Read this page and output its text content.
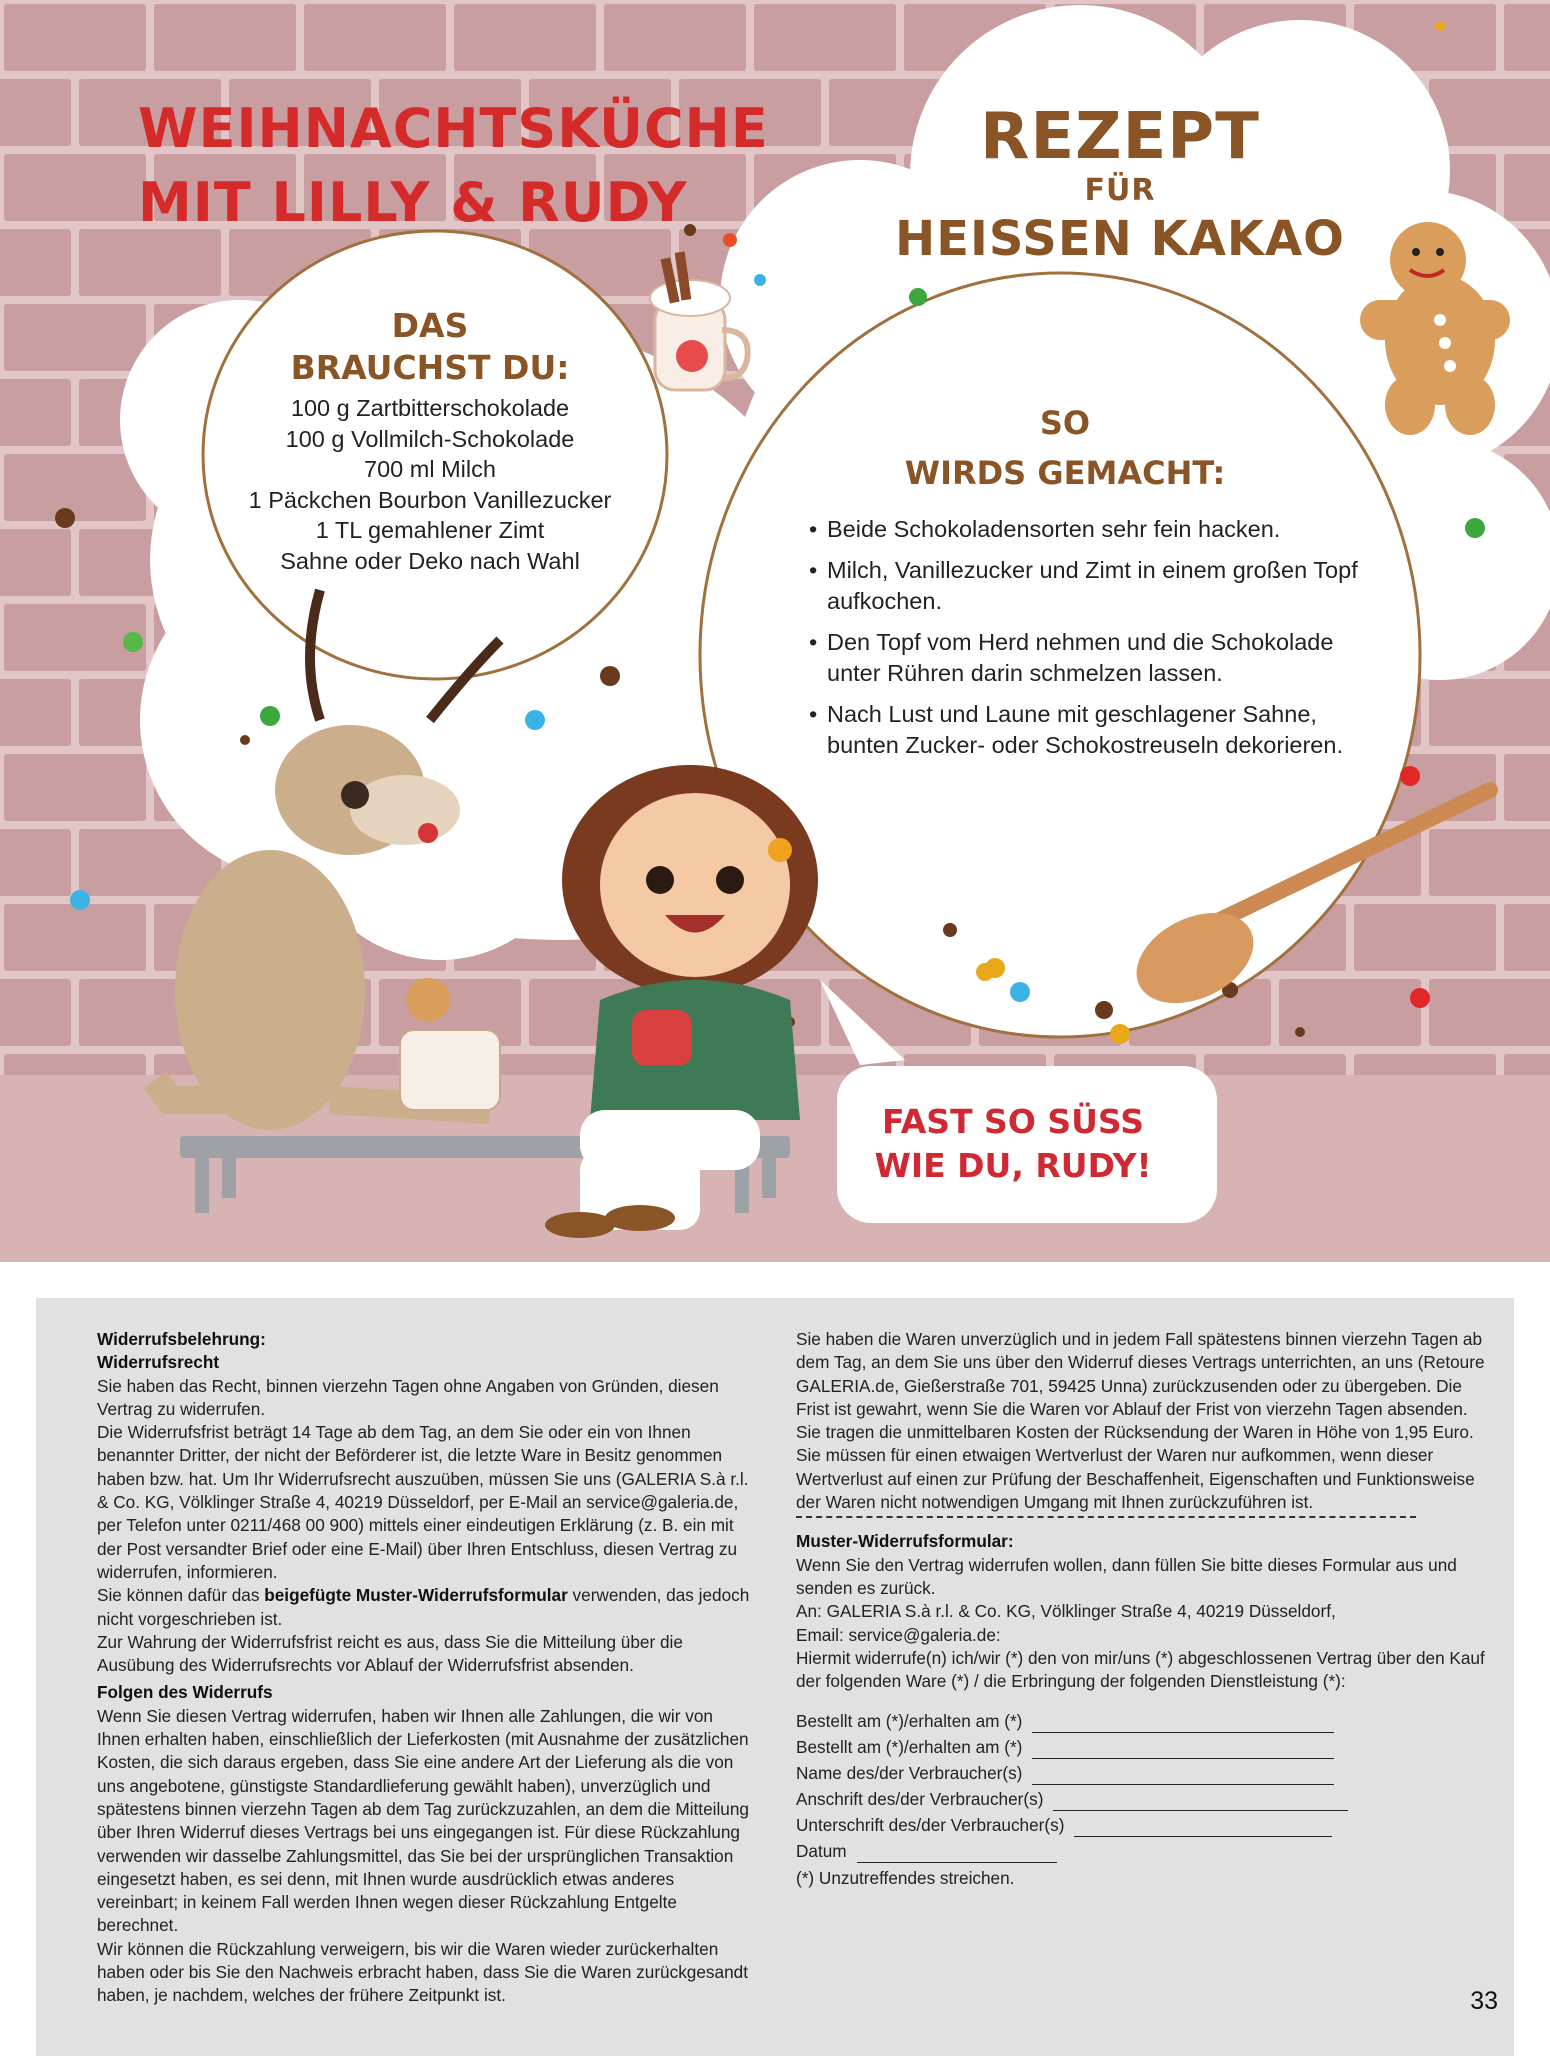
WEIHNACHTSKÜCHE
MIT LILLY & RUDY
REZEPT
FÜR
HEISSEN KAKAO
DAS
BRAUCHST DU:
100 g Zartbitterschokolade
100 g Vollmilch-Schokolade
700 ml Milch
1 Päckchen Bourbon Vanillezucker
1 TL gemahlener Zimt
Sahne oder Deko nach Wahl
SO
WIRDS GEMACHT:
• Beide Schokoladensorten sehr fein hacken.
• Milch, Vanillezucker und Zimt in einem großen Topf aufkochen.
• Den Topf vom Herd nehmen und die Schokolade unter Rühren darin schmelzen lassen.
• Nach Lust und Laune mit geschlagener Sahne, bunten Zucker- oder Schokostreuseln dekorieren.
FAST SO SÜSS
WIE DU, RUDY!

Widerrufsbelehrung:

Widerrufsrecht

Sie haben das Recht, binnen vierzehn Tagen ohne Angaben von Gründen, diesen Vertrag zu widerrufen.

Die Widerrufsfrist beträgt 14 Tage ab dem Tag, an dem Sie oder ein von Ihnen benannter Dritter, der nicht der Beförderer ist, die letzte Ware in Besitz genommen haben bzw. hat. Um Ihr Widerrufsrecht auszuüben, müssen Sie uns (GALERIA S.à r.l. & Co. KG, Völklinger Straße 4, 40219 Düsseldorf, per E-Mail an service@galeria.de, per Telefon unter 0211/468 00 900) mittels einer eindeutigen Erklärung (z. B. ein mit der Post versandter Brief oder eine E-Mail) über Ihren Entschluss, diesen Vertrag zu widerrufen, informieren.

Sie können dafür das beigefügte Muster-Widerrufsformular verwenden, das jedoch nicht vorgeschrieben ist.

Zur Wahrung der Widerrufsfrist reicht es aus, dass Sie die Mitteilung über die Ausübung des Widerrufsrechts vor Ablauf der Widerrufsfrist absenden.

Folgen des Widerrufs

Wenn Sie diesen Vertrag widerrufen, haben wir Ihnen alle Zahlungen, die wir von Ihnen erhalten haben, einschließlich der Lieferkosten (mit Ausnahme der zusätzlichen Kosten, die sich daraus ergeben, dass Sie eine andere Art der Lieferung als die von uns angebotene, günstigste Standardlieferung gewählt haben), unverzüglich und spätestens binnen vierzehn Tagen ab dem Tag zurückzuzahlen, an dem die Mitteilung über Ihren Widerruf dieses Vertrags bei uns eingegangen ist. Für diese Rückzahlung verwenden wir dasselbe Zahlungsmittel, das Sie bei der ursprünglichen Transaktion eingesetzt haben, es sei denn, mit Ihnen wurde ausdrücklich etwas anderes vereinbart; in keinem Fall werden Ihnen wegen dieser Rückzahlung Entgelte berechnet.

Wir können die Rückzahlung verweigern, bis wir die Waren wieder zurückerhalten haben oder bis Sie den Nachweis erbracht haben, dass Sie die Waren zurückgesandt haben, je nachdem, welches der frühere Zeitpunkt ist.

Sie haben die Waren unverzüglich und in jedem Fall spätestens binnen vierzehn Tagen ab dem Tag, an dem Sie uns über den Widerruf dieses Vertrags unterrichten, an uns (Retoure GALERIA.de, Gießerstraße 701, 59425 Unna) zurückzusenden oder zu übergeben. Die Frist ist gewahrt, wenn Sie die Waren vor Ablauf der Frist von vierzehn Tagen absenden.

Sie tragen die unmittelbaren Kosten der Rücksendung der Waren in Höhe von 1,95 Euro.

Sie müssen für einen etwaigen Wertverlust der Waren nur aufkommen, wenn dieser Wertverlust auf einen zur Prüfung der Beschaffenheit, Eigenschaften und Funktionsweise der Waren nicht notwendigen Umgang mit Ihnen zurückzuführen ist.

Muster-Widerrufsformular:

Wenn Sie den Vertrag widerrufen wollen, dann füllen Sie bitte dieses Formular aus und senden es zurück.

An: GALERIA S.à r.l. & Co. KG, Völklinger Straße 4, 40219 Düsseldorf,

Email: service@galeria.de:

Hiermit widerrufe(n) ich/wir (*) den von mir/uns (*) abgeschlossenen Vertrag über den Kauf der folgenden Ware (*) / die Erbringung der folgenden Dienstleistung (*):

Bestellt am (*)/erhalten am (*)
Bestellt am (*)/erhalten am (*)
Name des/der Verbraucher(s)
Anschrift des/der Verbraucher(s)
Unterschrift des/der Verbraucher(s)
Datum

(*) Unzutreffendes streichen.

33
